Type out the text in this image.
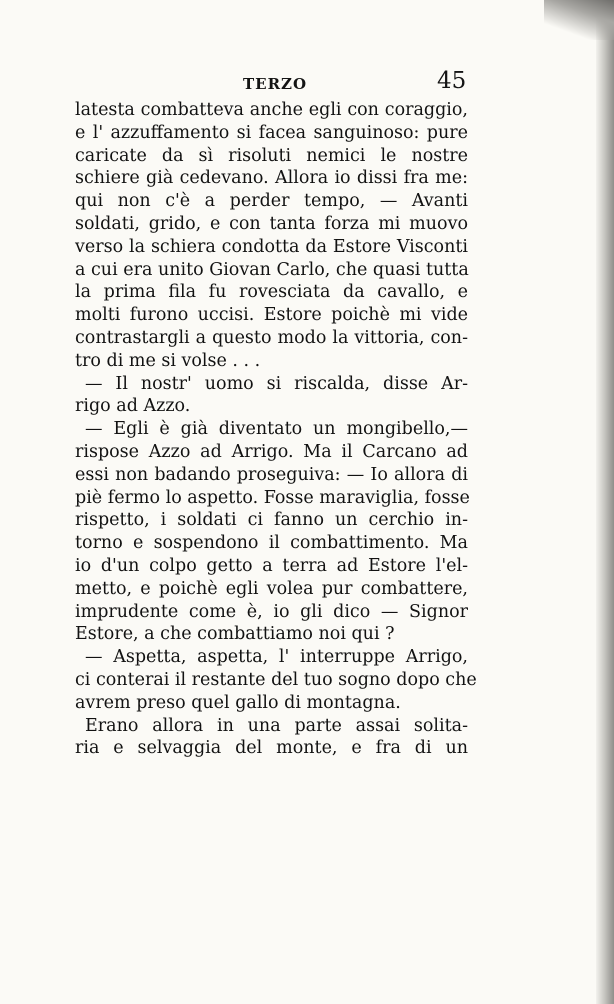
TERZO	45
latesta combatteva anche egli con coraggio,
e l' azzuffamento si facea sanguinoso: pure
caricate da sì risoluti nemici le nostre
schiere già cedevano. Allora io dissi fra me:
qui non c'è a perder tempo, — Avanti
soldati, grido, e con tanta forza mi muovo
verso la schiera condotta da Estore Visconti
a cui era unito Giovan Carlo, che quasi tutta
la prima fila fu rovesciata da cavallo, e
molti furono uccisi. Estore poichè mi vide
contrastargli a questo modo la vittoria, con-
tro di me si volse . . .
— Il nostr' uomo si riscalda, disse Ar-
rigo ad Azzo.
— Egli è già diventato un mongibello,—
rispose Azzo ad Arrigo. Ma il Carcano ad
essi non badando proseguiva: — Io allora di
piè fermo lo aspetto. Fosse maraviglia, fosse
rispetto, i soldati ci fanno un cerchio in-
torno e sospendono il combattimento. Ma
io d'un colpo getto a terra ad Estore l'el-
metto, e poichè egli volea pur combattere,
imprudente come è, io gli dico — Signor
Estore, a che combattiamo noi qui ?
— Aspetta, aspetta, l' interruppe Arrigo,
ci conterai il restante del tuo sogno dopo che
avrem preso quel gallo di montagna.
Erano allora in una parte assai solita-
ria e selvaggia del monte, e fra di un
